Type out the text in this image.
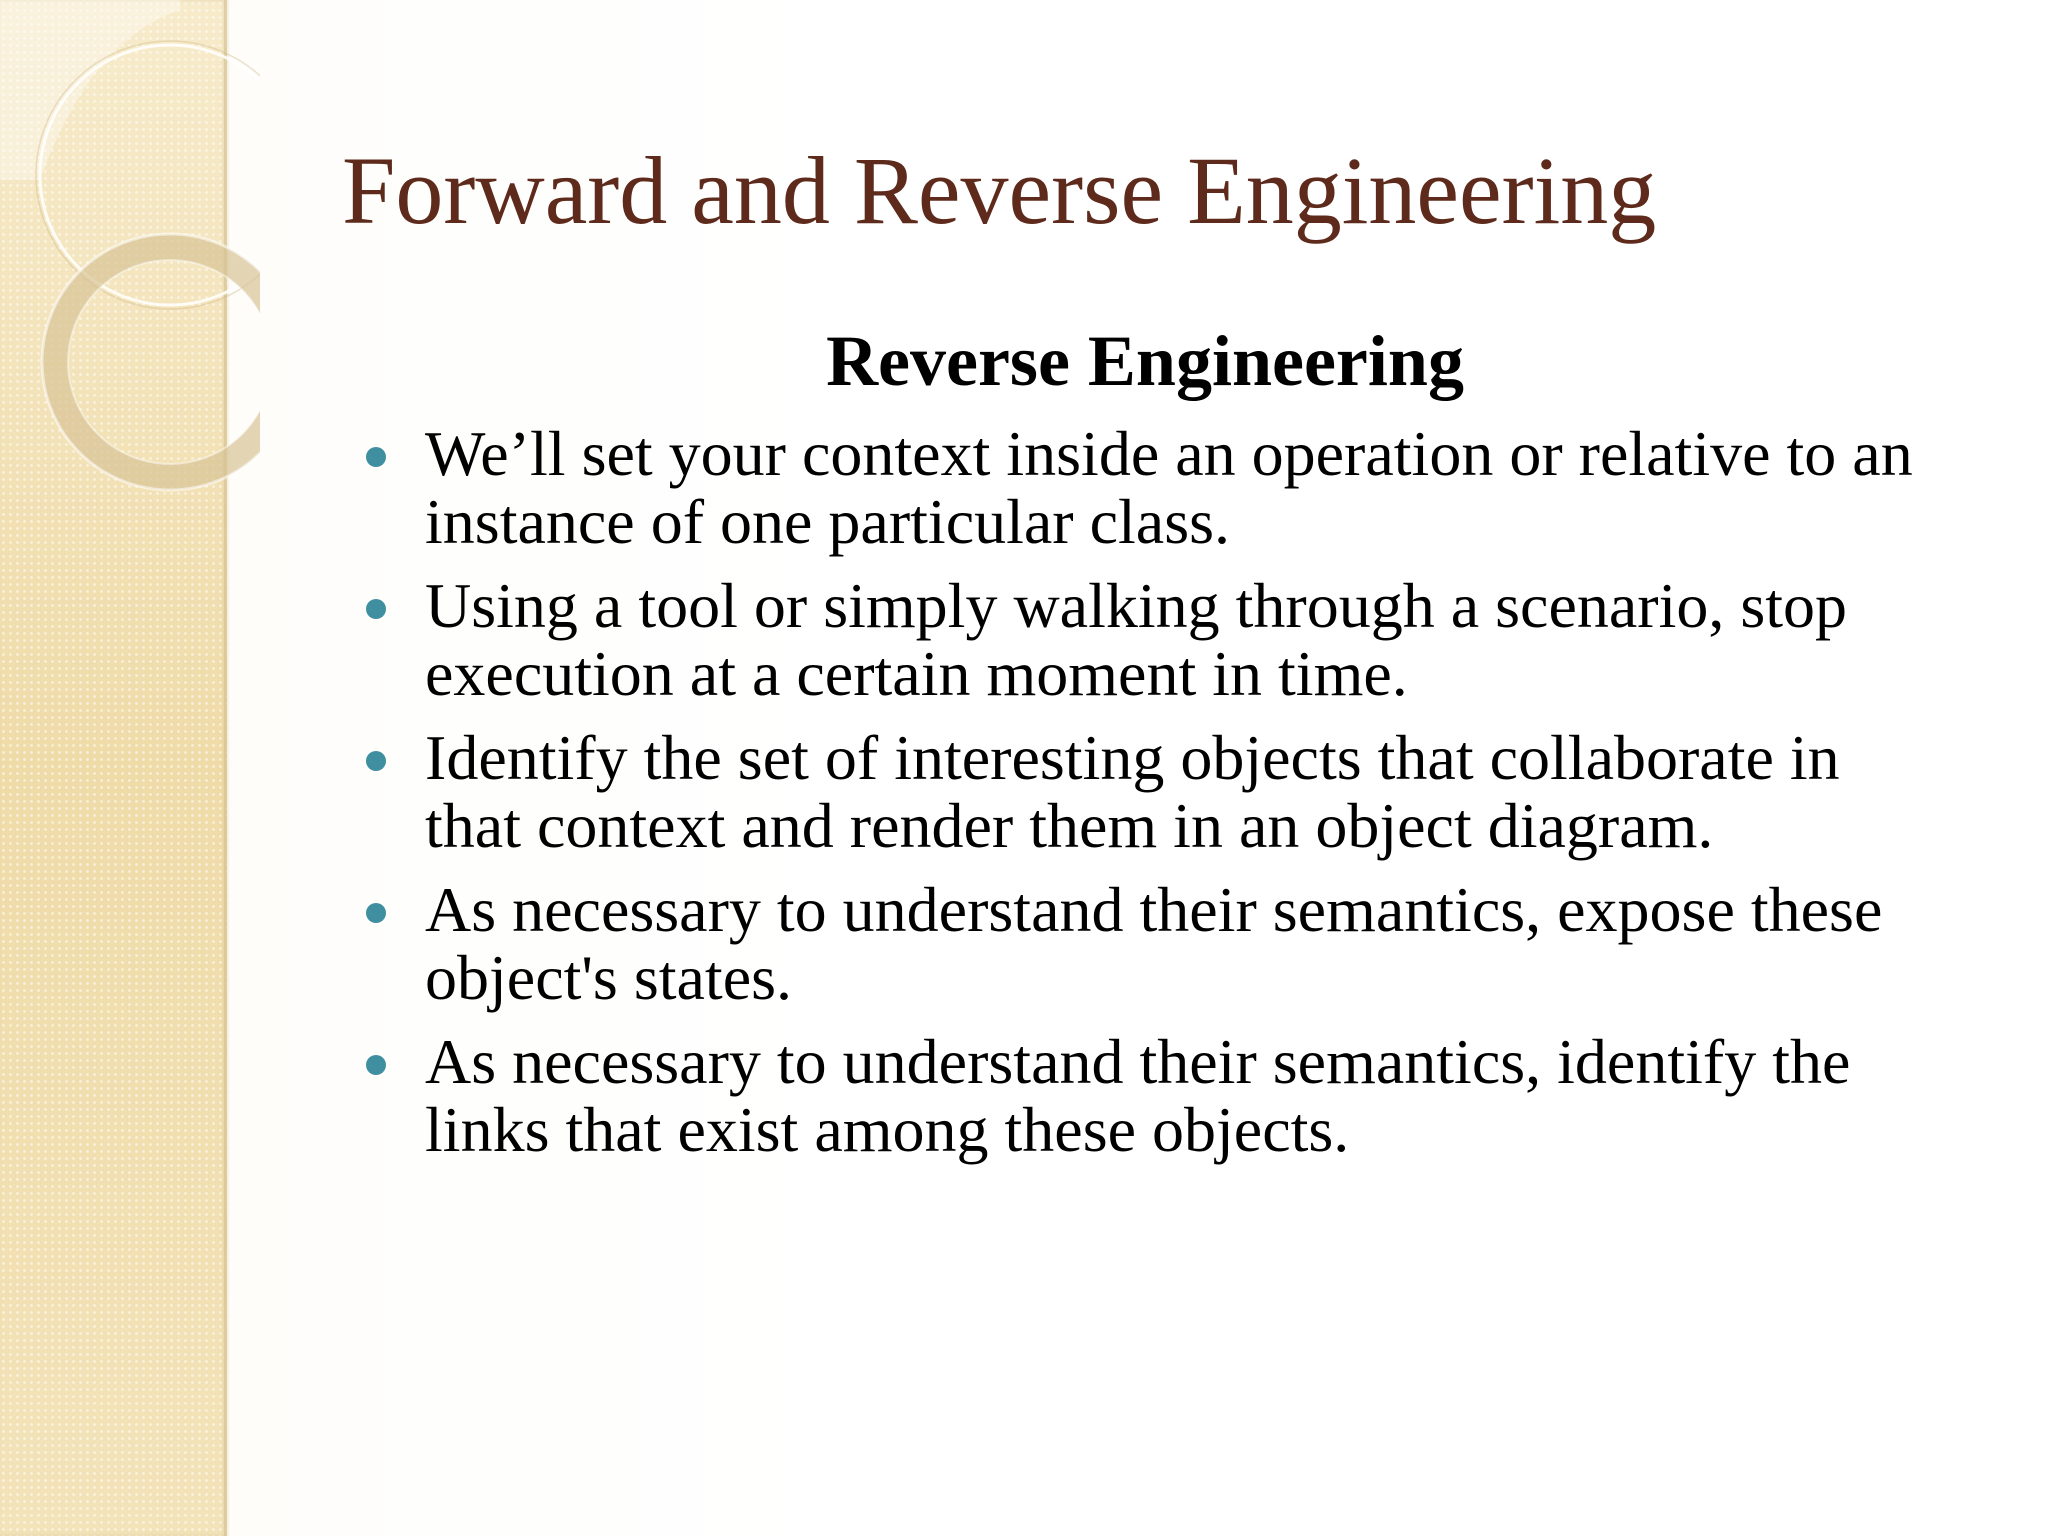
Forward and Reverse Engineering
Reverse Engineering
We’ll set your context inside an operation or relative to an instance of one particular class.
Using a tool or simply walking through a scenario, stop execution at a certain moment in time.
Identify the set of interesting objects that collaborate in that context and render them in an object diagram.
As necessary to understand their semantics, expose these object's states.
As necessary to understand their semantics, identify the links that exist among these objects.
